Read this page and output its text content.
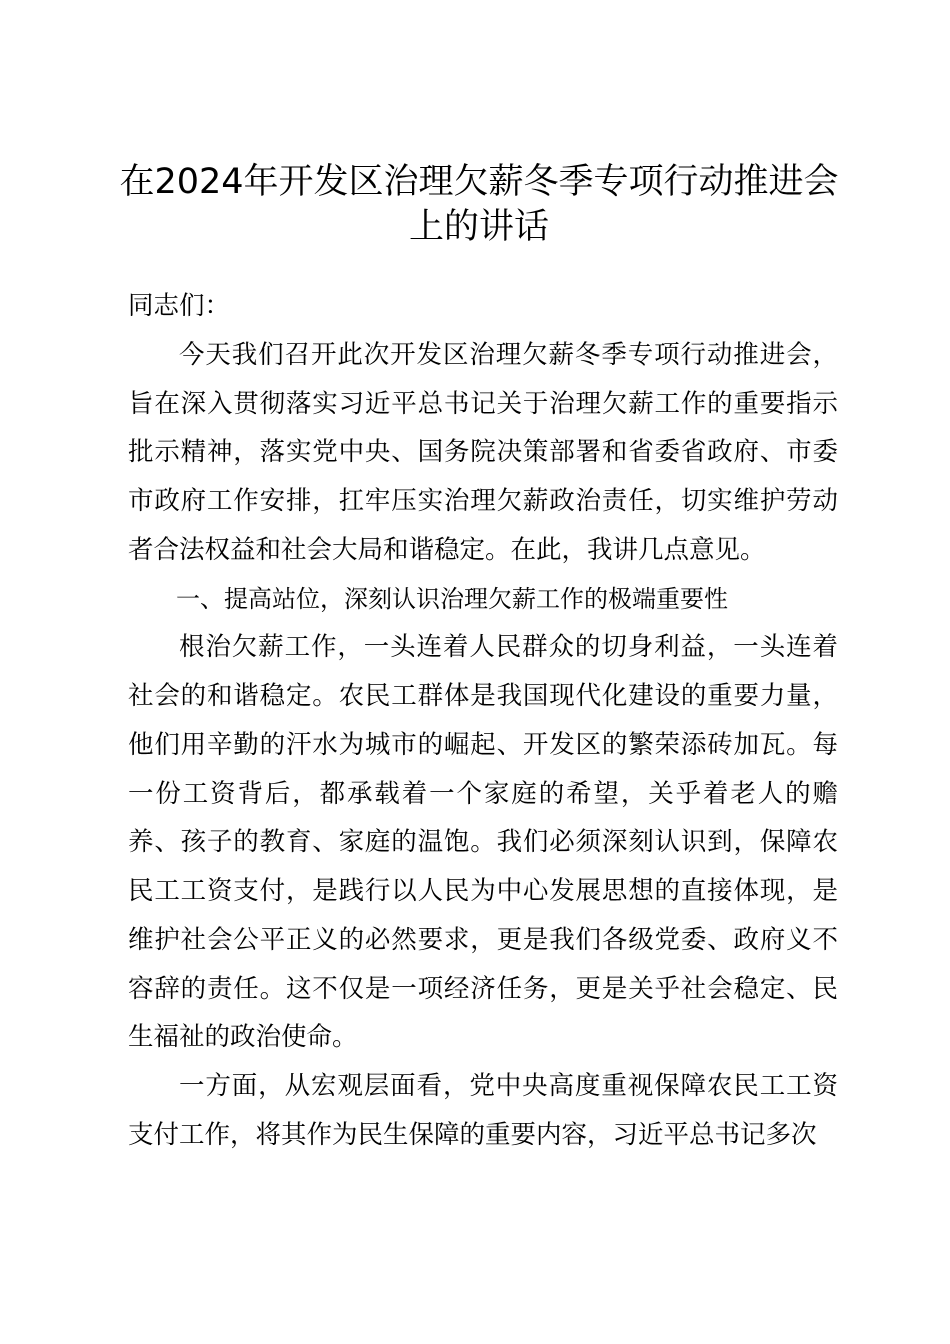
在2024年开发区治理欠薪冬季专项行动推进会上的讲话

同志们：

今天我们召开此次开发区治理欠薪冬季专项行动推进会，旨在深入贯彻落实习近平总书记关于治理欠薪工作的重要指示批示精神，落实党中央、国务院决策部署和省委省政府、市委市政府工作安排，扛牢压实治理欠薪政治责任，切实维护劳动者合法权益和社会大局和谐稳定。在此，我讲几点意见。

一、提高站位，深刻认识治理欠薪工作的极端重要性

根治欠薪工作，一头连着人民群众的切身利益，一头连着社会的和谐稳定。农民工群体是我国现代化建设的重要力量，他们用辛勤的汗水为城市的崛起、开发区的繁荣添砖加瓦。每一份工资背后，都承载着一个家庭的希望，关乎着老人的赡养、孩子的教育、家庭的温饱。我们必须深刻认识到，保障农民工工资支付，是践行以人民为中心发展思想的直接体现，是维护社会公平正义的必然要求，更是我们各级党委、政府义不容辞的责任。这不仅是一项经济任务，更是关乎社会稳定、民生福祉的政治使命。

一方面，从宏观层面看，党中央高度重视保障农民工工资支付工作，将其作为民生保障的重要内容，习近平总书记多次
